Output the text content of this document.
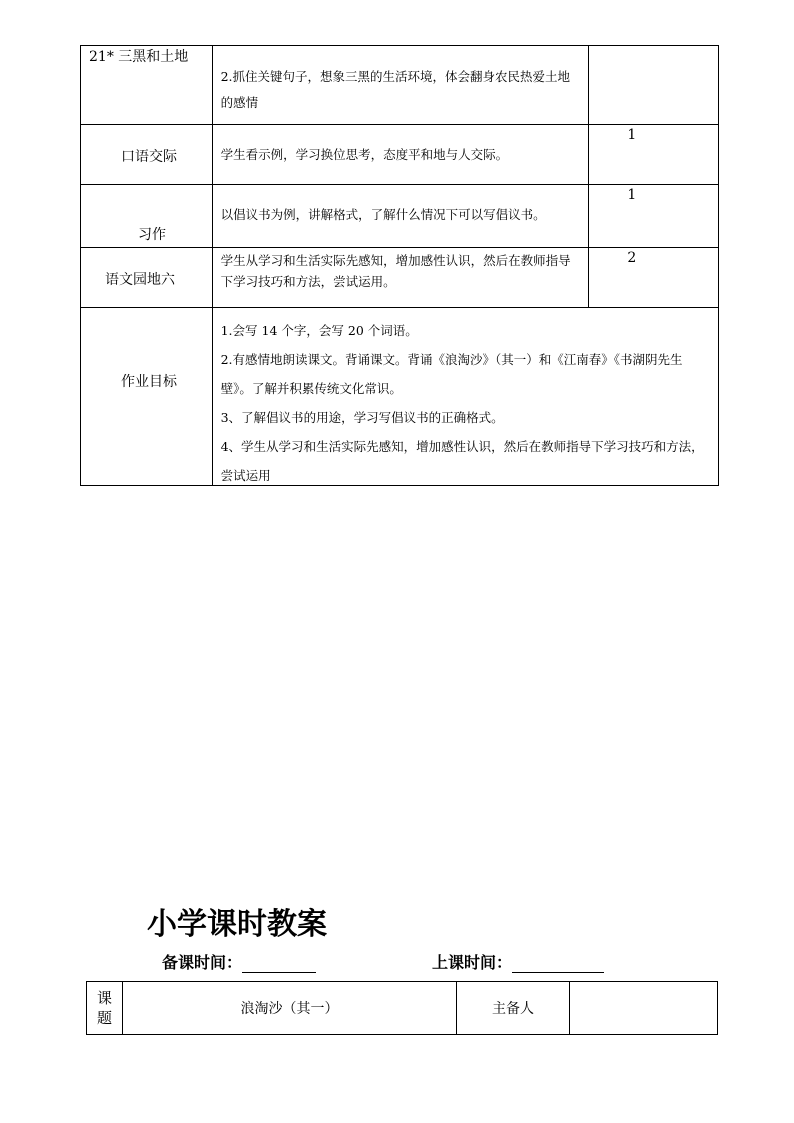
21* 三黑和土地	2.抓住关键句子，想象三黑的生活环境，体会翻身农民热爱土地的感情	

口语交际	学生看示例，学习换位思考，态度平和地与人交际。	1

习作	以倡议书为例，讲解格式，了解什么情况下可以写倡议书。	1

语文园地六	学生从学习和生活实际先感知，增加感性认识，然后在教师指导下学习技巧和方法，尝试运用。	2

作业目标	1.会写 14 个字，会写 20 个词语。
2.有感情地朗读课文。背诵课文。背诵《浪淘沙》（其一）和《江南春》《书湖阴先生壁》。了解并积累传统文化常识。
3、了解倡议书的用途，学习写倡议书的正确格式。
4、学生从学习和生活实际先感知，增加感性认识，然后在教师指导下学习技巧和方法，尝试运用	
小学课时教案
备课时间：	上课时间：
课题	浪淘沙（其一）	主备人	
